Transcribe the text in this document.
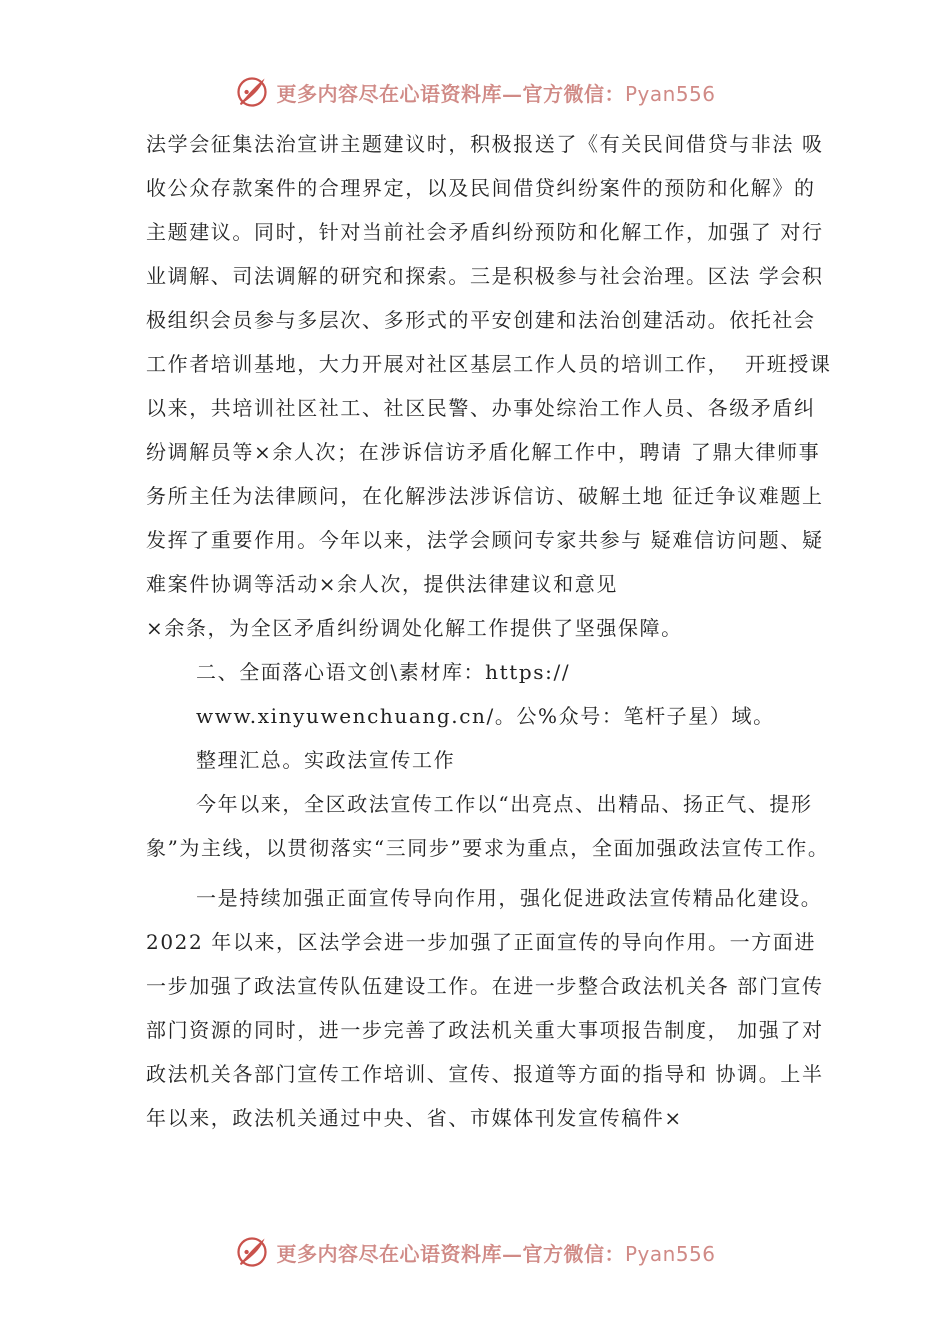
更多内容尽在心语资料库—官方微信：Pyan556

法学会征集法治宣讲主题建议时，积极报送了《有关民间借贷与非法 吸收公众存款案件的合理界定，以及民间借贷纠纷案件的预防和化解》的主题建议。同时，针对当前社会矛盾纠纷预防和化解工作，加强了 对行业调解、司法调解的研究和探索。三是积极参与社会治理。区法 学会积极组织会员参与多层次、多形式的平安创建和法治创建活动。依托社会工作者培训基地，大力开展对社区基层工作人员的培训工作，  开班授课以来，共培训社区社工、社区民警、办事处综治工作人员、各级矛盾纠纷调解员等×余人次；在涉诉信访矛盾化解工作中，聘请 了鼎大律师事务所主任为法律顾问，在化解涉法涉诉信访、破解土地 征迁争议难题上发挥了重要作用。今年以来，法学会顾问专家共参与 疑难信访问题、疑难案件协调等活动×余人次，提供法律建议和意见

×余条，为全区矛盾纠纷调处化解工作提供了坚强保障。

二、全面落心语文创\素材库：https://

www.xinyuwenchuang.cn/。公%众号：笔杆子星）域。

整理汇总。实政法宣传工作

今年以来，全区政法宣传工作以“出亮点、出精品、扬正气、提形象”为主线，以贯彻落实“三同步”要求为重点，全面加强政法宣传工作。

一是持续加强正面宣传导向作用，强化促进政法宣传精品化建设。2022 年以来，区法学会进一步加强了正面宣传的导向作用。一方面进一步加强了政法宣传队伍建设工作。在进一步整合政法机关各 部门宣传部门资源的同时，进一步完善了政法机关重大事项报告制度， 加强了对政法机关各部门宣传工作培训、宣传、报道等方面的指导和 协调。上半年以来，政法机关通过中央、省、市媒体刊发宣传稿件×

更多内容尽在心语资料库—官方微信：Pyan556
